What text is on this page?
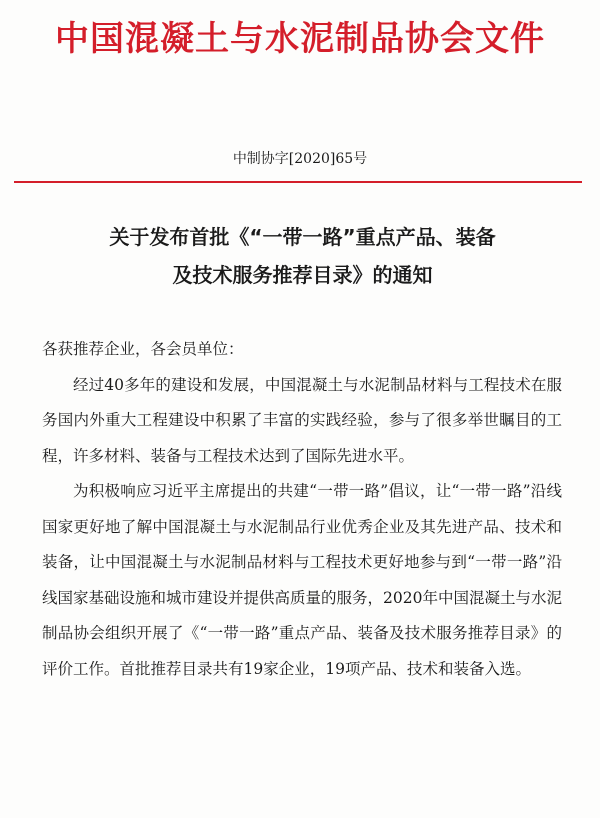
中国混凝土与水泥制品协会文件
中制协字[2020]65号
关于发布首批《“一带一路”重点产品、装备
及技术服务推荐目录》的通知

各获推荐企业，各会员单位：

经过40多年的建设和发展，中国混凝土与水泥制品材料与工程技术在服务国内外重大工程建设中积累了丰富的实践经验，参与了很多举世瞩目的工程，许多材料、装备与工程技术达到了国际先进水平。

为积极响应习近平主席提出的共建“一带一路”倡议，让“一带一路”沿线国家更好地了解中国混凝土与水泥制品行业优秀企业及其先进产品、技术和装备，让中国混凝土与水泥制品材料与工程技术更好地参与到“一带一路”沿线国家基础设施和城市建设并提供高质量的服务，2020年中国混凝土与水泥制品协会组织开展了《“一带一路”重点产品、装备及技术服务推荐目录》的评价工作。首批推荐目录共有19家企业，19项产品、技术和装备入选。
